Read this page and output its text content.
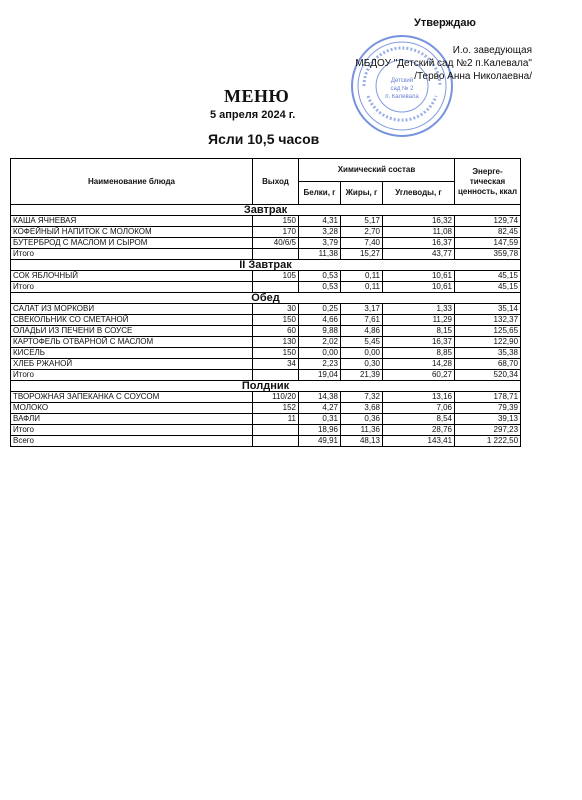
Утверждаю
Детский
сад № 2
п. Калевала
И.о. заведующая
МБДОУ "Детский сад №2 п.Калевала"
/Терво Анна Николаевна/
МЕНЮ
5 апреля 2024 г.
Ясли 10,5 часов
Наименование блюда	Выход	Химический состав			Энерге-тическая ценность, ккал
		Белки, г	Жиры, г	Углеводы, г	
Завтрак					
КАША ЯЧНЕВАЯ	150	4,31	5,17	16,32	129,74
КОФЕЙНЫЙ НАПИТОК С МОЛОКОМ	170	3,28	2,70	11,08	82,45
БУТЕРБРОД С МАСЛОМ И СЫРОМ	40/6/5	3,79	7,40	16,37	147,59
Итого		11,38	15,27	43,77	359,78
II Завтрак					
СОК ЯБЛОЧНЫЙ	105	0,53	0,11	10,61	45,15
Итого		0,53	0,11	10,61	45,15
Обед					
САЛАТ ИЗ МОРКОВИ	30	0,25	3,17	1,33	35,14
СВЕКОЛЬНИК СО СМЕТАНОЙ	150	4,66	7,61	11,29	132,37
ОЛАДЬИ ИЗ ПЕЧЕНИ В СОУСЕ	60	9,88	4,86	8,15	125,65
КАРТОФЕЛЬ ОТВАРНОЙ С МАСЛОМ	130	2,02	5,45	16,37	122,90
КИСЕЛЬ	150	0,00	0,00	8,85	35,38
ХЛЕБ РЖАНОЙ	34	2,23	0,30	14,28	68,70
Итого		19,04	21,39	60,27	520,34
Полдник					
ТВОРОЖНАЯ ЗАПЕКАНКА С СОУСОМ	110/20	14,38	7,32	13,16	178,71
МОЛОКО	152	4,27	3,68	7,06	79,39
ВАФЛИ	11	0,31	0,36	8,54	39,13
Итого		18,96	11,36	28,76	297,23
Всего		49,91	48,13	143,41	1 222,50
